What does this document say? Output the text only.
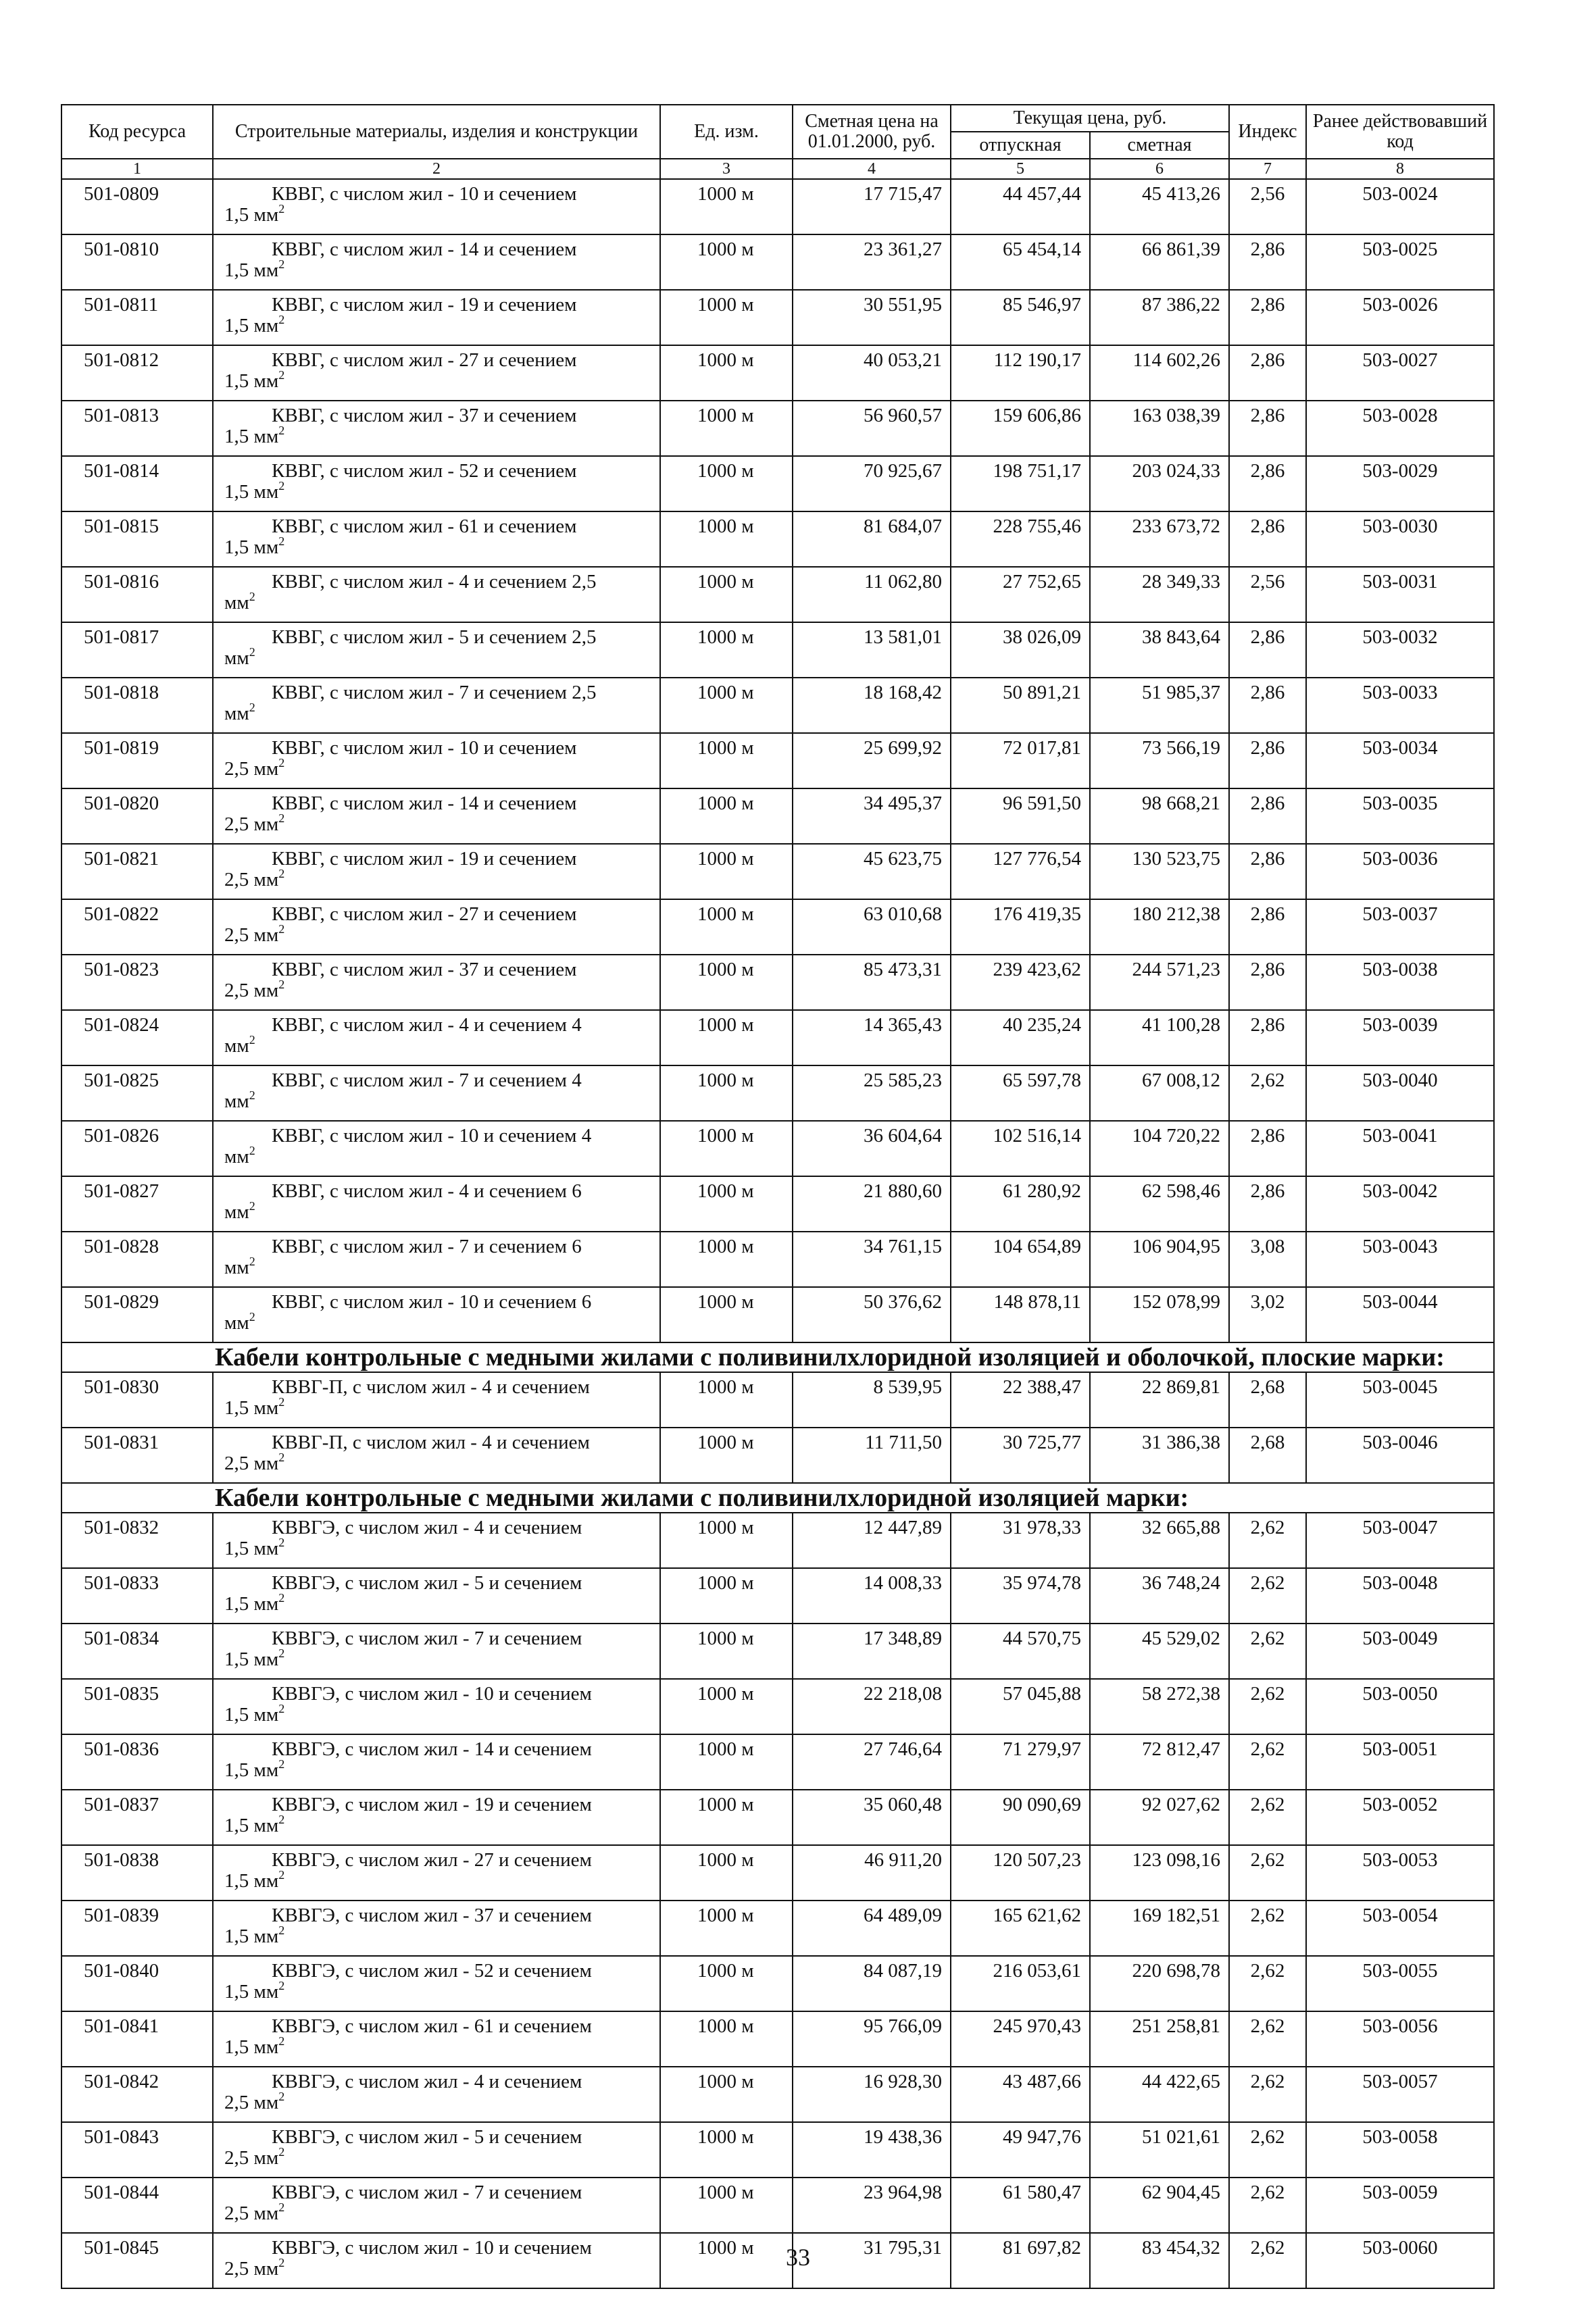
Код ресурса	Строительные материалы, изделия и конструкции	Ед. изм.	Сметная цена на 01.01.2000, руб.	Текущая цена, руб.		Индекс	Ранее действовавший код
				отпускная	сметная		
1	2	3	4	5	6	7	8
501-0809	КВВГ, с числом жил - 10 и сечением
1,5 $мм^2$	1000 м	17 715,47	44 457,44	45 413,26	2,56	503-0024
501-0810	КВВГ, с числом жил - 14 и сечением
1,5 $мм^2$	1000 м	23 361,27	65 454,14	66 861,39	2,86	503-0025
501-0811	КВВГ, с числом жил - 19 и сечением
1,5 $мм^2$	1000 м	30 551,95	85 546,97	87 386,22	2,86	503-0026
501-0812	КВВГ, с числом жил - 27 и сечением
1,5 $мм^2$	1000 м	40 053,21	112 190,17	114 602,26	2,86	503-0027
501-0813	КВВГ, с числом жил - 37 и сечением
1,5 $мм^2$	1000 м	56 960,57	159 606,86	163 038,39	2,86	503-0028
501-0814	КВВГ, с числом жил - 52 и сечением
1,5 $мм^2$	1000 м	70 925,67	198 751,17	203 024,33	2,86	503-0029
501-0815	КВВГ, с числом жил - 61 и сечением
1,5 $мм^2$	1000 м	81 684,07	228 755,46	233 673,72	2,86	503-0030
501-0816	КВВГ, с числом жил - 4 и сечением 2,5
$мм^2$	1000 м	11 062,80	27 752,65	28 349,33	2,56	503-0031
501-0817	КВВГ, с числом жил - 5 и сечением 2,5
$мм^2$	1000 м	13 581,01	38 026,09	38 843,64	2,86	503-0032
501-0818	КВВГ, с числом жил - 7 и сечением 2,5
$мм^2$	1000 м	18 168,42	50 891,21	51 985,37	2,86	503-0033
501-0819	КВВГ, с числом жил - 10 и сечением
2,5 $мм^2$	1000 м	25 699,92	72 017,81	73 566,19	2,86	503-0034
501-0820	КВВГ, с числом жил - 14 и сечением
2,5 $мм^2$	1000 м	34 495,37	96 591,50	98 668,21	2,86	503-0035
501-0821	КВВГ, с числом жил - 19 и сечением
2,5 $мм^2$	1000 м	45 623,75	127 776,54	130 523,75	2,86	503-0036
501-0822	КВВГ, с числом жил - 27 и сечением
2,5 $мм^2$	1000 м	63 010,68	176 419,35	180 212,38	2,86	503-0037
501-0823	КВВГ, с числом жил - 37 и сечением
2,5 $мм^2$	1000 м	85 473,31	239 423,62	244 571,23	2,86	503-0038
501-0824	КВВГ, с числом жил - 4 и сечением 4
$мм^2$	1000 м	14 365,43	40 235,24	41 100,28	2,86	503-0039
501-0825	КВВГ, с числом жил - 7 и сечением 4
$мм^2$	1000 м	25 585,23	65 597,78	67 008,12	2,62	503-0040
501-0826	КВВГ, с числом жил - 10 и сечением 4
$мм^2$	1000 м	36 604,64	102 516,14	104 720,22	2,86	503-0041
501-0827	КВВГ, с числом жил - 4 и сечением 6
$мм^2$	1000 м	21 880,60	61 280,92	62 598,46	2,86	503-0042
501-0828	КВВГ, с числом жил - 7 и сечением 6
$мм^2$	1000 м	34 761,15	104 654,89	106 904,95	3,08	503-0043
501-0829	КВВГ, с числом жил - 10 и сечением 6
$мм^2$	1000 м	50 376,62	148 878,11	152 078,99	3,02	503-0044
Кабели контрольные с медными жилами с поливинилхлоридной изоляцией и оболочкой, плоские марки:							
501-0830	КВВГ-П, с числом жил - 4 и сечением
1,5 $мм^2$	1000 м	8 539,95	22 388,47	22 869,81	2,68	503-0045
501-0831	КВВГ-П, с числом жил - 4 и сечением
2,5 $мм^2$	1000 м	11 711,50	30 725,77	31 386,38	2,68	503-0046
Кабели контрольные с медными жилами с поливинилхлоридной изоляцией марки:							
501-0832	КВВГЭ, с числом жил - 4 и сечением
1,5 $мм^2$	1000 м	12 447,89	31 978,33	32 665,88	2,62	503-0047
501-0833	КВВГЭ, с числом жил - 5 и сечением
1,5 $мм^2$	1000 м	14 008,33	35 974,78	36 748,24	2,62	503-0048
501-0834	КВВГЭ, с числом жил - 7 и сечением
1,5 $мм^2$	1000 м	17 348,89	44 570,75	45 529,02	2,62	503-0049
501-0835	КВВГЭ, с числом жил - 10 и сечением
1,5 $мм^2$	1000 м	22 218,08	57 045,88	58 272,38	2,62	503-0050
501-0836	КВВГЭ, с числом жил - 14 и сечением
1,5 $мм^2$	1000 м	27 746,64	71 279,97	72 812,47	2,62	503-0051
501-0837	КВВГЭ, с числом жил - 19 и сечением
1,5 $мм^2$	1000 м	35 060,48	90 090,69	92 027,62	2,62	503-0052
501-0838	КВВГЭ, с числом жил - 27 и сечением
1,5 $мм^2$	1000 м	46 911,20	120 507,23	123 098,16	2,62	503-0053
501-0839	КВВГЭ, с числом жил - 37 и сечением
1,5 $мм^2$	1000 м	64 489,09	165 621,62	169 182,51	2,62	503-0054
501-0840	КВВГЭ, с числом жил - 52 и сечением
1,5 $мм^2$	1000 м	84 087,19	216 053,61	220 698,78	2,62	503-0055
501-0841	КВВГЭ, с числом жил - 61 и сечением
1,5 $мм^2$	1000 м	95 766,09	245 970,43	251 258,81	2,62	503-0056
501-0842	КВВГЭ, с числом жил - 4 и сечением
2,5 $мм^2$	1000 м	16 928,30	43 487,66	44 422,65	2,62	503-0057
501-0843	КВВГЭ, с числом жил - 5 и сечением
2,5 $мм^2$	1000 м	19 438,36	49 947,76	51 021,61	2,62	503-0058
501-0844	КВВГЭ, с числом жил - 7 и сечением
2,5 $мм^2$	1000 м	23 964,98	61 580,47	62 904,45	2,62	503-0059
501-0845	КВВГЭ, с числом жил - 10 и сечением
2,5 $мм^2$	1000 м	31 795,31	81 697,82	83 454,32	2,62	503-0060
33
